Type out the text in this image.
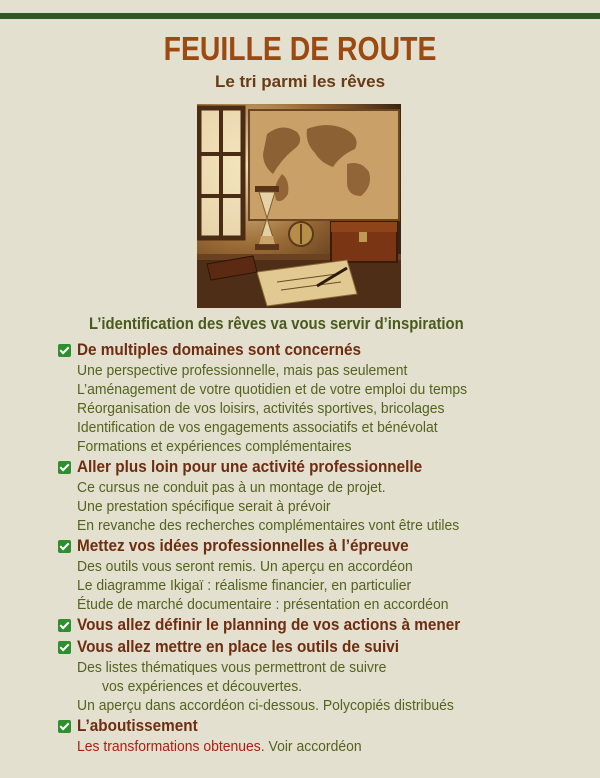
FEUILLE DE ROUTE
Le tri parmi les rêves
L’identification des rêves va vous servir d’inspiration
De multiples domaines sont concernés
Une perspective professionnelle, mais pas seulement
L’aménagement de votre quotidien et de votre emploi du temps
Réorganisation de vos loisirs, activités sportives, bricolages
Identification de vos engagements associatifs et bénévolat
Formations et expériences complémentaires
Aller plus loin pour une activité professionnelle
Ce cursus ne conduit pas à un montage de projet.
Une prestation spécifique serait à prévoir
En revanche des recherches complémentaires vont être utiles
Mettez vos idées professionnelles à l’épreuve
Des outils vous seront remis. Un aperçu en accordéon
Le diagramme Ikigaï : réalisme financier, en particulier
Étude de marché documentaire : présentation en accordéon
Vous allez définir le planning de vos actions à mener
Vous allez mettre en place les outils de suivi
Des listes thématiques vous permettront de suivre
vos expériences et découvertes.
Un aperçu dans accordéon ci-dessous. Polycopiés distribués
L’aboutissement
Les transformations obtenues. Voir accordéon
